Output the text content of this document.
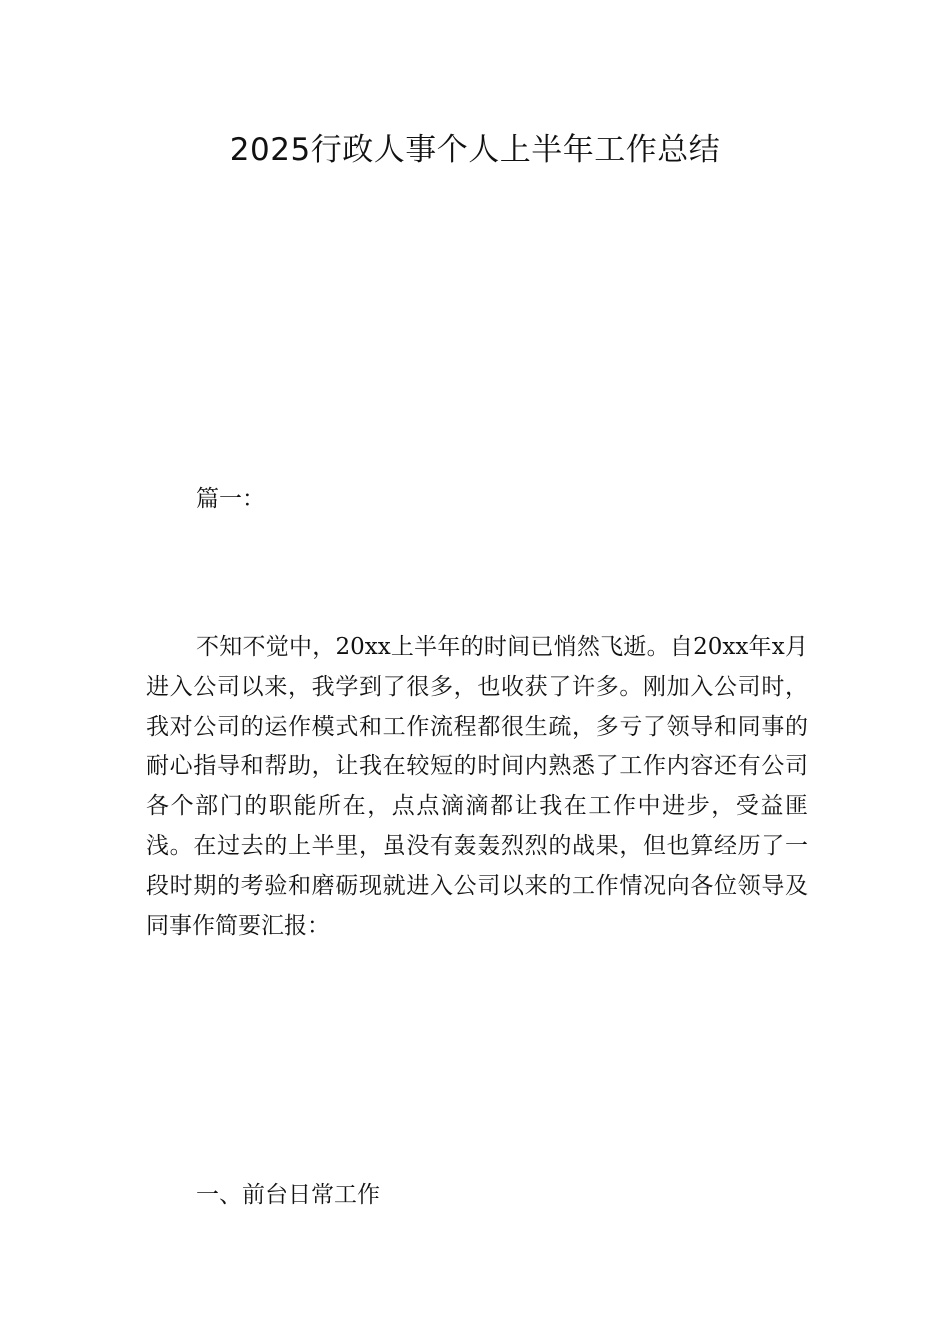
2025行政人事个人上半年工作总结

篇一：

不知不觉中，20xx上半年的时间已悄然飞逝。自20xx年x月进入公司以来，我学到了很多，也收获了许多。刚加入公司时，我对公司的运作模式和工作流程都很生疏，多亏了领导和同事的耐心指导和帮助，让我在较短的时间内熟悉了工作内容还有公司各个部门的职能所在，点点滴滴都让我在工作中进步，受益匪浅。在过去的上半里，虽没有轰轰烈烈的战果，但也算经历了一段时期的考验和磨砺现就进入公司以来的工作情况向各位领导及同事作简要汇报：

一、前台日常工作
